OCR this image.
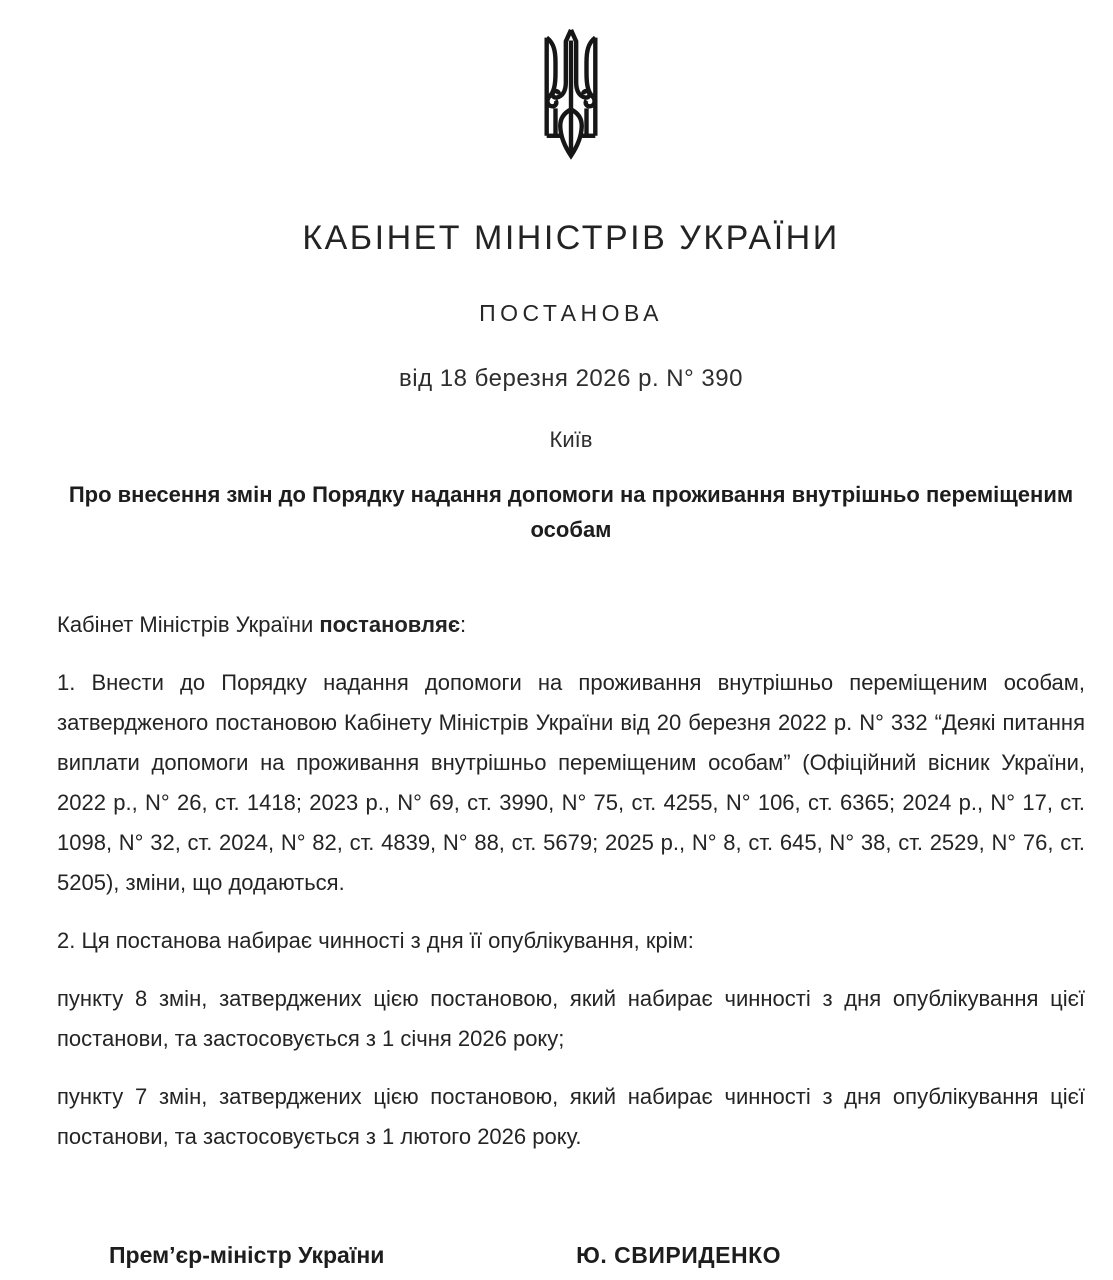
КАБІНЕТ МІНІСТРІВ УКРАЇНИ
ПОСТАНОВА
від 18 березня 2026 р. N° 390
Київ
Про внесення змін до Порядку надання допомоги на проживання внутрішньо переміщеним особам

Кабінет Міністрів України постановляє:

1. Внести до Порядку надання допомоги на проживання внутрішньо переміщеним особам, затвердженого постановою Кабінету Міністрів України від 20 березня 2022 р. N° 332 “Деякі питання виплати допомоги на проживання внутрішньо переміщеним особам” (Офіційний вісник України, 2022 р., N° 26, ст. 1418; 2023 р., N° 69, ст. 3990, N° 75, ст. 4255, N° 106, ст. 6365; 2024 р., N° 17, ст. 1098, N° 32, ст. 2024, N° 82, ст. 4839, N° 88, ст. 5679; 2025 р., N° 8, ст. 645, N° 38, ст. 2529, N° 76, ст. 5205), зміни, що додаються.

2. Ця постанова набирає чинності з дня її опублікування, крім:

пункту 8 змін, затверджених цією постановою, який набирає чинності з дня опублікування цієї постанови, та застосовується з 1 січня 2026 року;

пункту 7 змін, затверджених цією постановою, який набирає чинності з дня опублікування цієї постанови, та застосовується з 1 лютого 2026 року.

Прем’єр-міністр України	Ю. СВИРИДЕНКО
